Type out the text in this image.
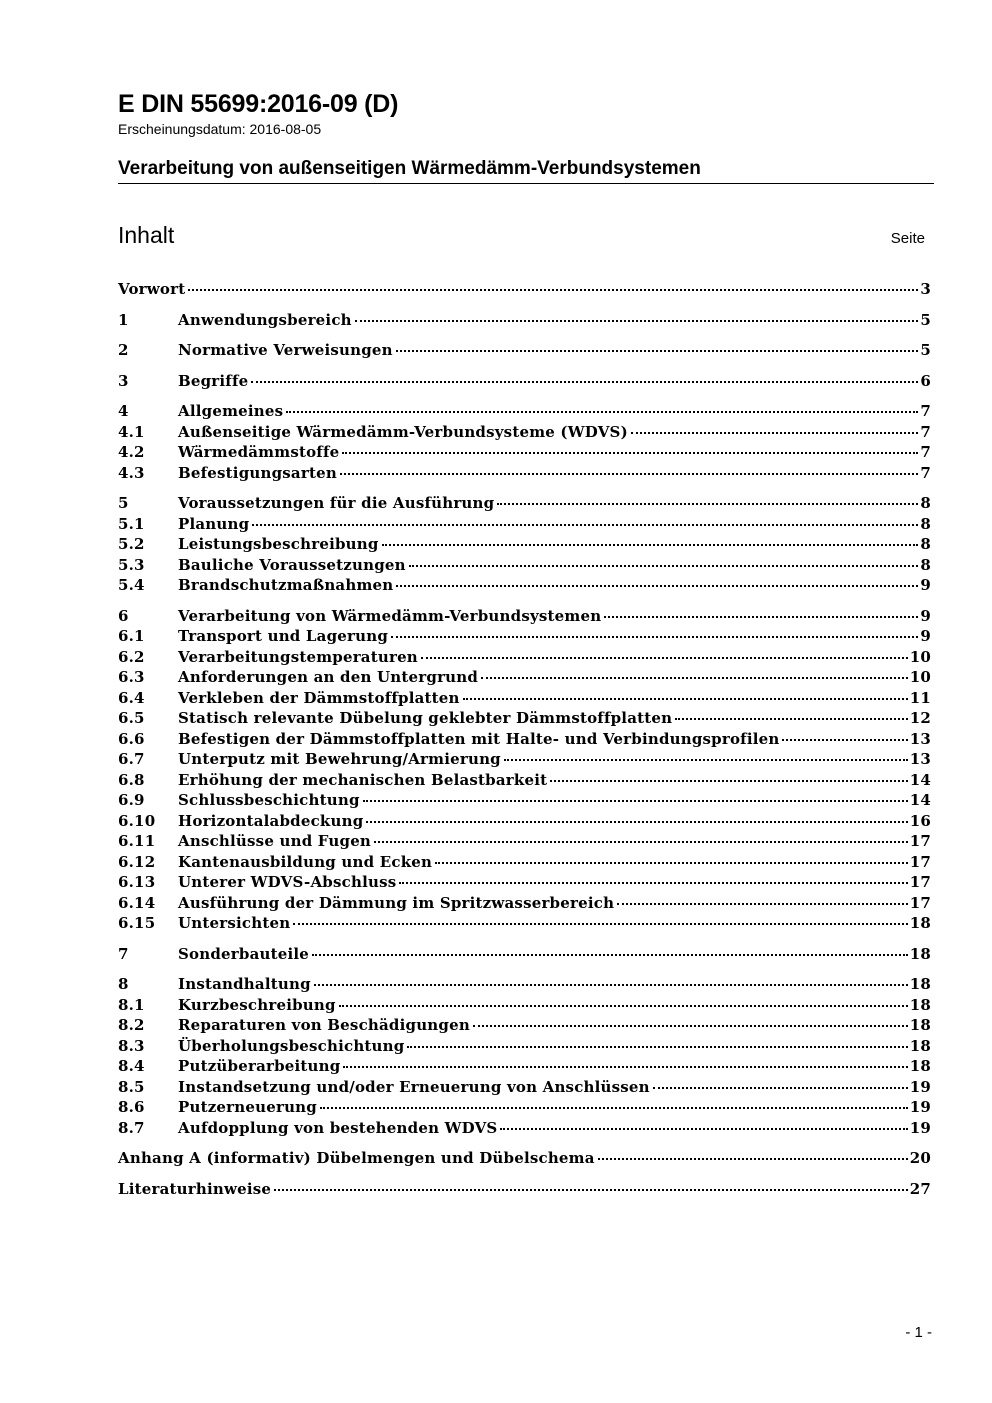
E DIN 55699:2016-09 (D)
Erscheinungsdatum: 2016-08-05
Verarbeitung von außenseitigen Wärmedämm-Verbundsystemen
Inhalt	Seite
Vorwort	3
1	Anwendungsbereich	5
2	Normative Verweisungen	5
3	Begriffe	6
4	Allgemeines	7
4.1	Außenseitige Wärmedämm-Verbundsysteme (WDVS)	7
4.2	Wärmedämmstoffe	7
4.3	Befestigungsarten	7
5	Voraussetzungen für die Ausführung	8
5.1	Planung	8
5.2	Leistungsbeschreibung	8
5.3	Bauliche Voraussetzungen	8
5.4	Brandschutzmaßnahmen	9
6	Verarbeitung von Wärmedämm-Verbundsystemen	9
6.1	Transport und Lagerung	9
6.2	Verarbeitungstemperaturen	10
6.3	Anforderungen an den Untergrund	10
6.4	Verkleben der Dämmstoffplatten	11
6.5	Statisch relevante Dübelung geklebter Dämmstoffplatten	12
6.6	Befestigen der Dämmstoffplatten mit Halte- und Verbindungsprofilen	13
6.7	Unterputz mit Bewehrung/Armierung	13
6.8	Erhöhung der mechanischen Belastbarkeit	14
6.9	Schlussbeschichtung	14
6.10	Horizontalabdeckung	16
6.11	Anschlüsse und Fugen	17
6.12	Kantenausbildung und Ecken	17
6.13	Unterer WDVS-Abschluss	17
6.14	Ausführung der Dämmung im Spritzwasserbereich	17
6.15	Untersichten	18
7	Sonderbauteile	18
8	Instandhaltung	18
8.1	Kurzbeschreibung	18
8.2	Reparaturen von Beschädigungen	18
8.3	Überholungsbeschichtung	18
8.4	Putzüberarbeitung	18
8.5	Instandsetzung und/oder Erneuerung von Anschlüssen	19
8.6	Putzerneuerung	19
8.7	Aufdopplung von bestehenden WDVS	19
Anhang A (informativ) Dübelmengen und Dübelschema	20
Literaturhinweise	27
- 1 -
